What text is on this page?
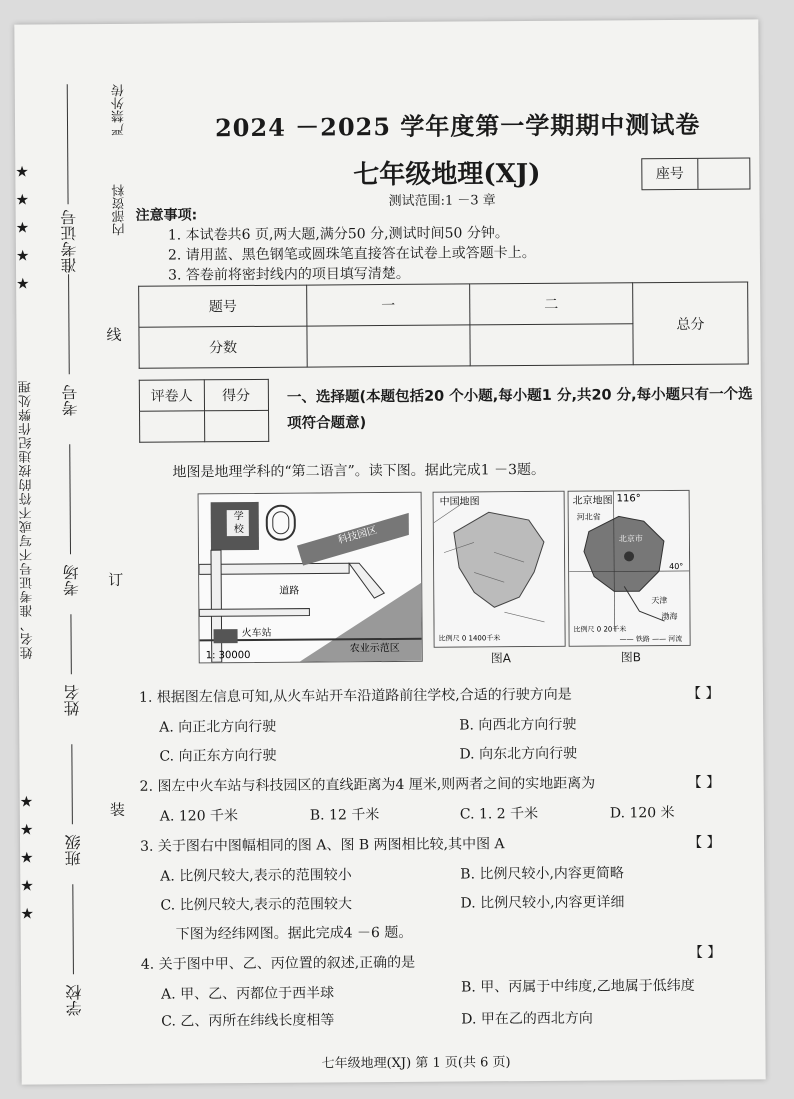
严禁外传
内部资料
★
★
★
★
★
★
★
★
★
★
姓名、准考证号不写或不符的按违纪作弊处理
准考证号
考号
考场
姓名
班级
学校
线
订
装
2024 －2025 学年度第一学期期中测试卷
七年级地理(XJ)	座号
测试范围:1 －3 章
注意事项:
1. 本试卷共6 页,两大题,满分50 分,测试时间50 分钟。
2. 请用蓝、黑色钢笔或圆珠笔直接答在试卷上或答题卡上。
3. 答卷前将密封线内的项目填写清楚。
题号	一	二	总分
分数			
评卷人	得分
		一、选择题(本题包括20 个小题,每小题1 分,共20 分,每小题只有一个选项符合题意)
地图是地理学科的“第二语言”。读下图。据此完成1 －3题。
学
校	科技园区
道路
火车站
农业示范区
1: 30000
中国地图
比例尺 0 1400千米
图A
北京地图 116°
河北省
北京市
40°
天津
渤海
比例尺 0 20千米
—— 铁路 —— 河流
图B
1. 根据图左信息可知,从火车站开车沿道路前往学校,合适的行驶方向是	【 】
A. 向正北方向行驶	B. 向西北方向行驶
C. 向正东方向行驶	D. 向东北方向行驶
2. 图左中火车站与科技园区的直线距离为4 厘米,则两者之间的实地距离为	【 】
A. 120 千米	B. 12 千米	C. 1. 2 千米	D. 120 米
3. 关于图右中图幅相同的图 A、图 B 两图相比较,其中图 A	【 】
A. 比例尺较大,表示的范围较小	B. 比例尺较小,内容更简略
C. 比例尺较大,表示的范围较大	D. 比例尺较小,内容更详细
下图为经纬网图。据此完成4 －6 题。
4. 关于图中甲、乙、丙位置的叙述,正确的是
【 】
A. 甲、乙、丙都位于西半球	B. 甲、丙属于中纬度,乙地属于低纬度
C. 乙、丙所在纬线长度相等	D. 甲在乙的西北方向
七年级地理(XJ) 第 1 页(共 6 页)
